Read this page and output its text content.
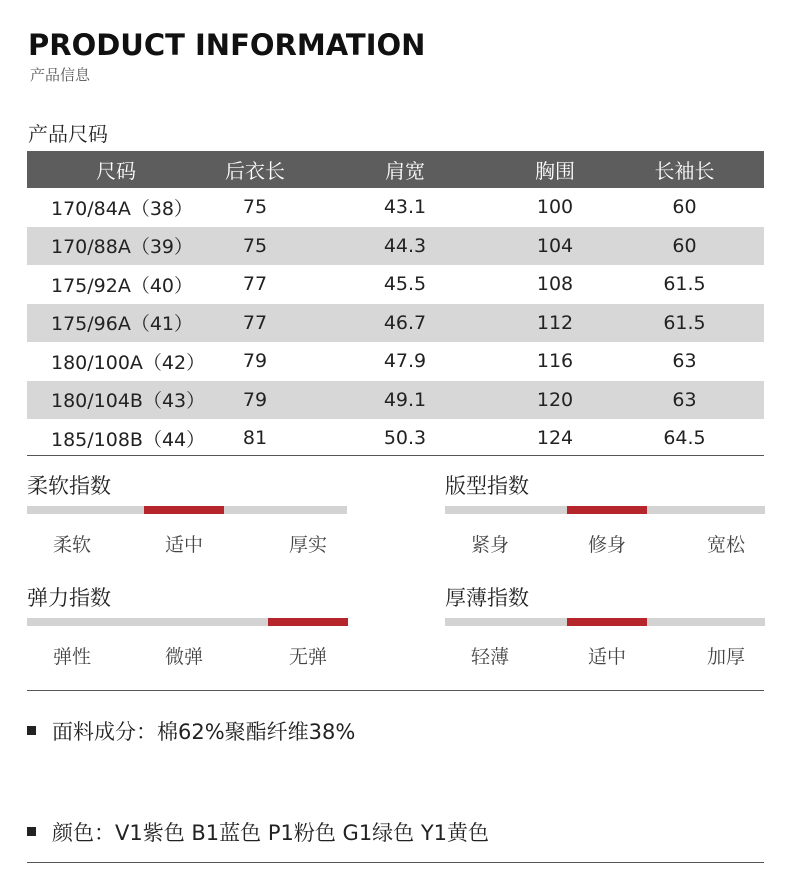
PRODUCT INFORMATION
产品信息
产品尺码
尺码	后衣长	肩宽	胸围	长袖长
170/84A（38）	75	43.1	100	60
170/88A（39）	75	44.3	104	60
175/92A（40）	77	45.5	108	61.5
175/96A（41）	77	46.7	112	61.5
180/100A（42）	79	47.9	116	63
180/104B（43）	79	49.1	120	63
185/108B（44）	81	50.3	124	64.5
柔软指数
柔软	适中	厚实
版型指数
紧身	修身	宽松
弹力指数
弹性	微弹	无弹
厚薄指数
轻薄	适中	加厚
面料成分：棉62%聚酯纤维38%
颜色：V1紫色 B1蓝色 P1粉色 G1绿色 Y1黄色
